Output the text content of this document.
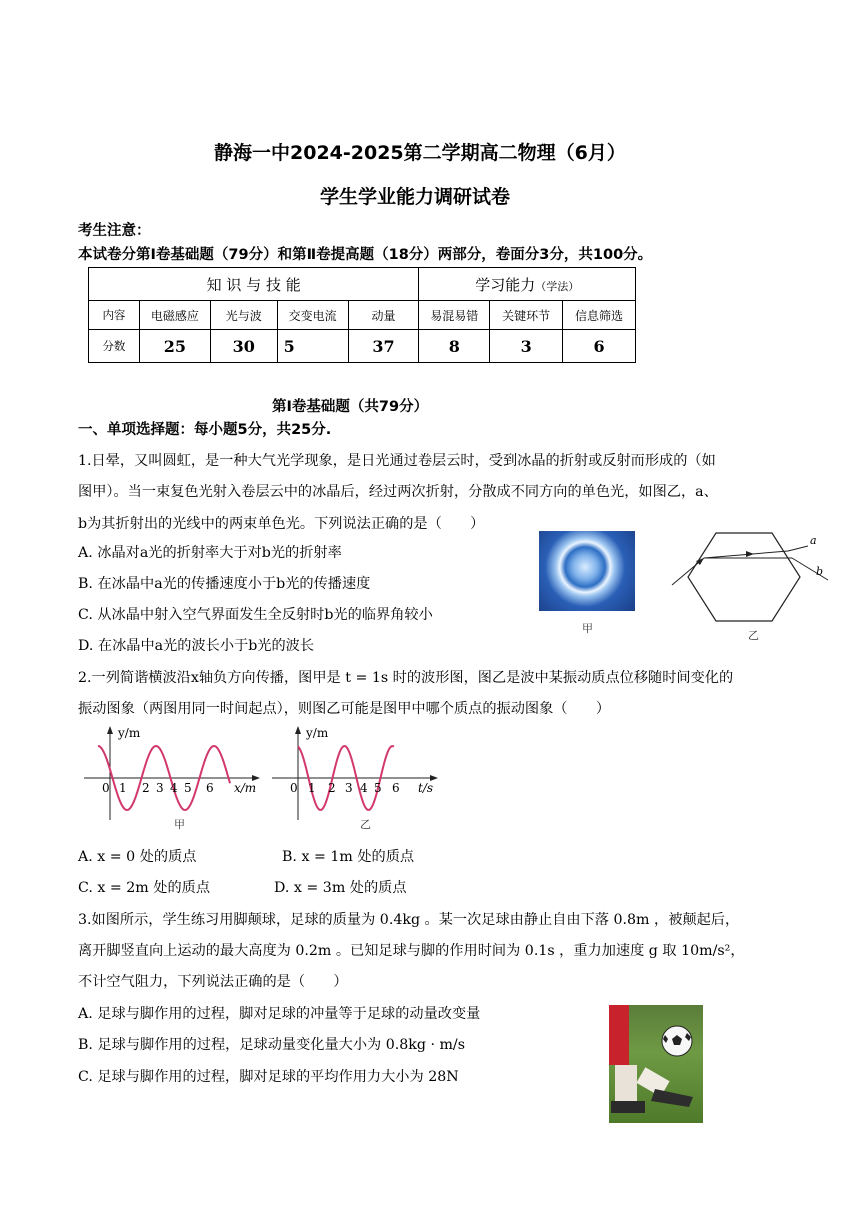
静海一中2024-2025第二学期高二物理（6月）
学生学业能力调研试卷
考生注意：
本试卷分第Ⅰ卷基础题（79分）和第Ⅱ卷提高题（18分）两部分，卷面分3分，共100分。
知 识 与 技 能					学习能力（学法）		
内容	电磁感应	光与波	交变电流	动量	易混易错	关键环节	信息筛选
分数	25	30	5	37	8	3	6
第Ⅰ卷基础题（共79分）
一、单项选择题：每小题5分，共25分.
1.日晕，又叫圆虹，是一种大气光学现象，是日光通过卷层云时，受到冰晶的折射或反射而形成的（如
图甲）。当一束复色光射入卷层云中的冰晶后，经过两次折射，分散成不同方向的单色光，如图乙，a、
b为其折射出的光线中的两束单色光。下列说法正确的是（　　）
A. 冰晶对a光的折射率大于对b光的折射率
B. 在冰晶中a光的传播速度小于b光的传播速度
C. 从冰晶中射入空气界面发生全反射时b光的临界角较小
D. 在冰晶中a光的波长小于b光的波长
甲
a
b
乙
2.一列简谐横波沿x轴负方向传播，图甲是 t = 1s 时的波形图，图乙是波中某振动质点位移随时间变化的
振动图象（两图用同一时间起点），则图乙可能是图甲中哪个质点的振动图象（　　）
y/m
x/m
0 1 2 3 4 5 6
甲
y/m
t/s
0 1 2 3 4 5 6
乙
A. x = 0 处的质点	B. x = 1m 处的质点
C. x = 2m 处的质点	D. x = 3m 处的质点
3.如图所示，学生练习用脚颠球，足球的质量为 0.4kg 。某一次足球由静止自由下落 0.8m ，被颠起后，
离开脚竖直向上运动的最大高度为 0.2m 。已知足球与脚的作用时间为 0.1s ，重力加速度 g 取 10m/s²，
不计空气阻力，下列说法正确的是（　　）
A. 足球与脚作用的过程，脚对足球的冲量等于足球的动量改变量
B. 足球与脚作用的过程，足球动量变化量大小为 0.8kg · m/s
C. 足球与脚作用的过程，脚对足球的平均作用力大小为 28N
